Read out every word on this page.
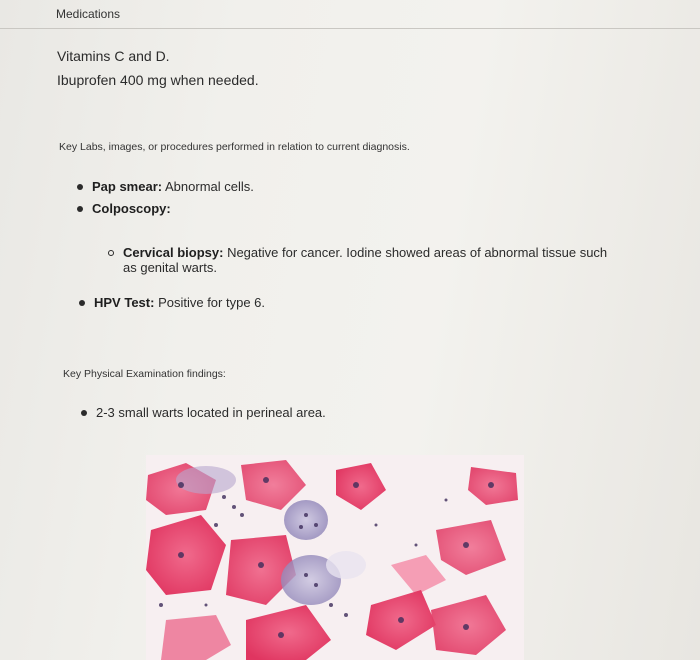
Medications
Vitamins C and D.
Ibuprofen 400 mg when needed.
Key Labs, images, or procedures performed in relation to current diagnosis.
Pap smear: Abnormal cells.
Colposcopy:
Cervical biopsy: Negative for cancer. Iodine showed areas of abnormal tissue such
as genital warts.
HPV Test: Positive for type 6.
Key Physical Examination findings:
2-3 small warts located in perineal area.
